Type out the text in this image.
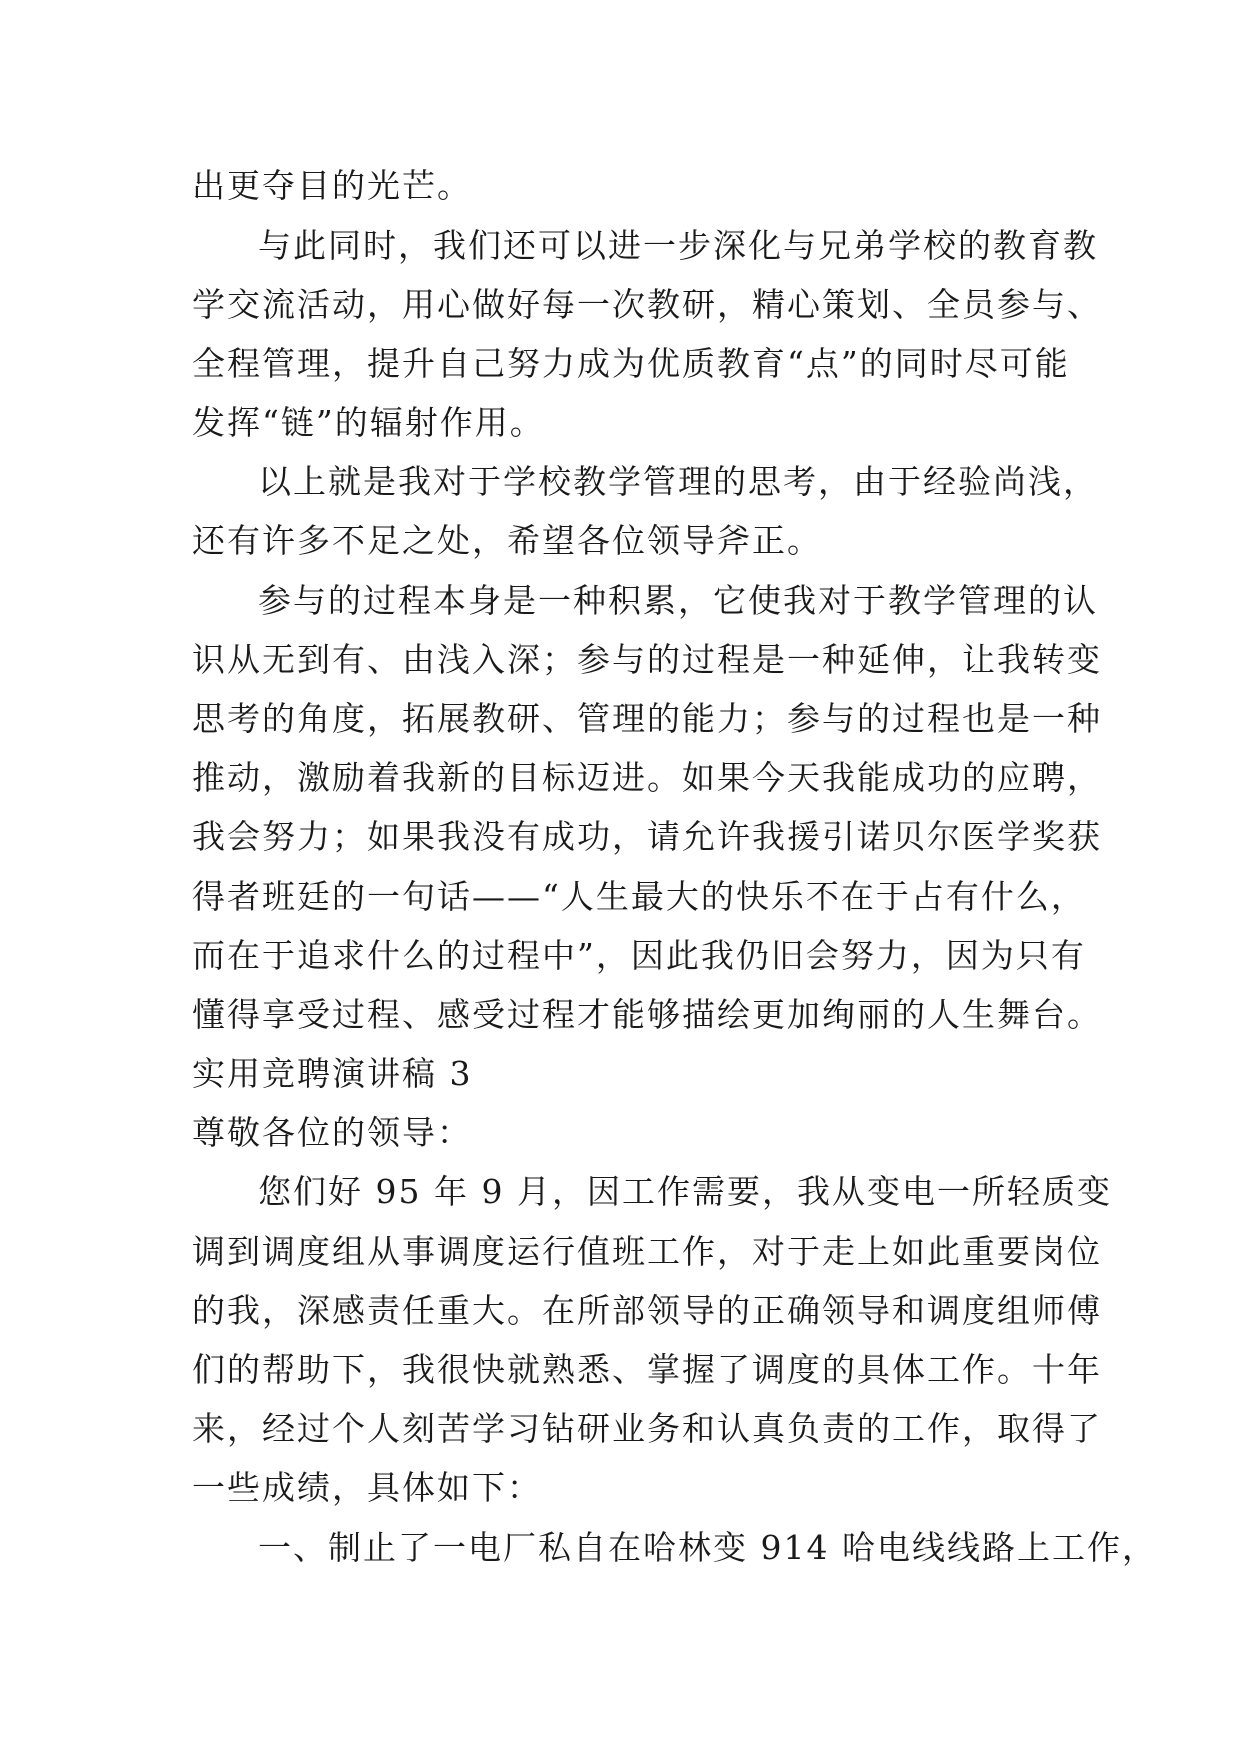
出更夺目的光芒。
与此同时，我们还可以进一步深化与兄弟学校的教育教
学交流活动，用心做好每一次教研，精心策划、全员参与、
全程管理，提升自己努力成为优质教育“点”的同时尽可能
发挥“链”的辐射作用。
以上就是我对于学校教学管理的思考，由于经验尚浅，
还有许多不足之处，希望各位领导斧正。
参与的过程本身是一种积累，它使我对于教学管理的认
识从无到有、由浅入深；参与的过程是一种延伸，让我转变
思考的角度，拓展教研、管理的能力；参与的过程也是一种
推动，激励着我新的目标迈进。如果今天我能成功的应聘，
我会努力；如果我没有成功，请允许我援引诺贝尔医学奖获
得者班廷的一句话——“人生最大的快乐不在于占有什么，
而在于追求什么的过程中”，因此我仍旧会努力，因为只有
懂得享受过程、感受过程才能够描绘更加绚丽的人生舞台。
实用竞聘演讲稿 3
尊敬各位的领导：
您们好 95 年 9 月，因工作需要，我从变电一所轻质变
调到调度组从事调度运行值班工作，对于走上如此重要岗位
的我，深感责任重大。在所部领导的正确领导和调度组师傅
们的帮助下，我很快就熟悉、掌握了调度的具体工作。十年
来，经过个人刻苦学习钻研业务和认真负责的工作，取得了
一些成绩，具体如下：
一、制止了一电厂私自在哈林变 914 哈电线线路上工作，
